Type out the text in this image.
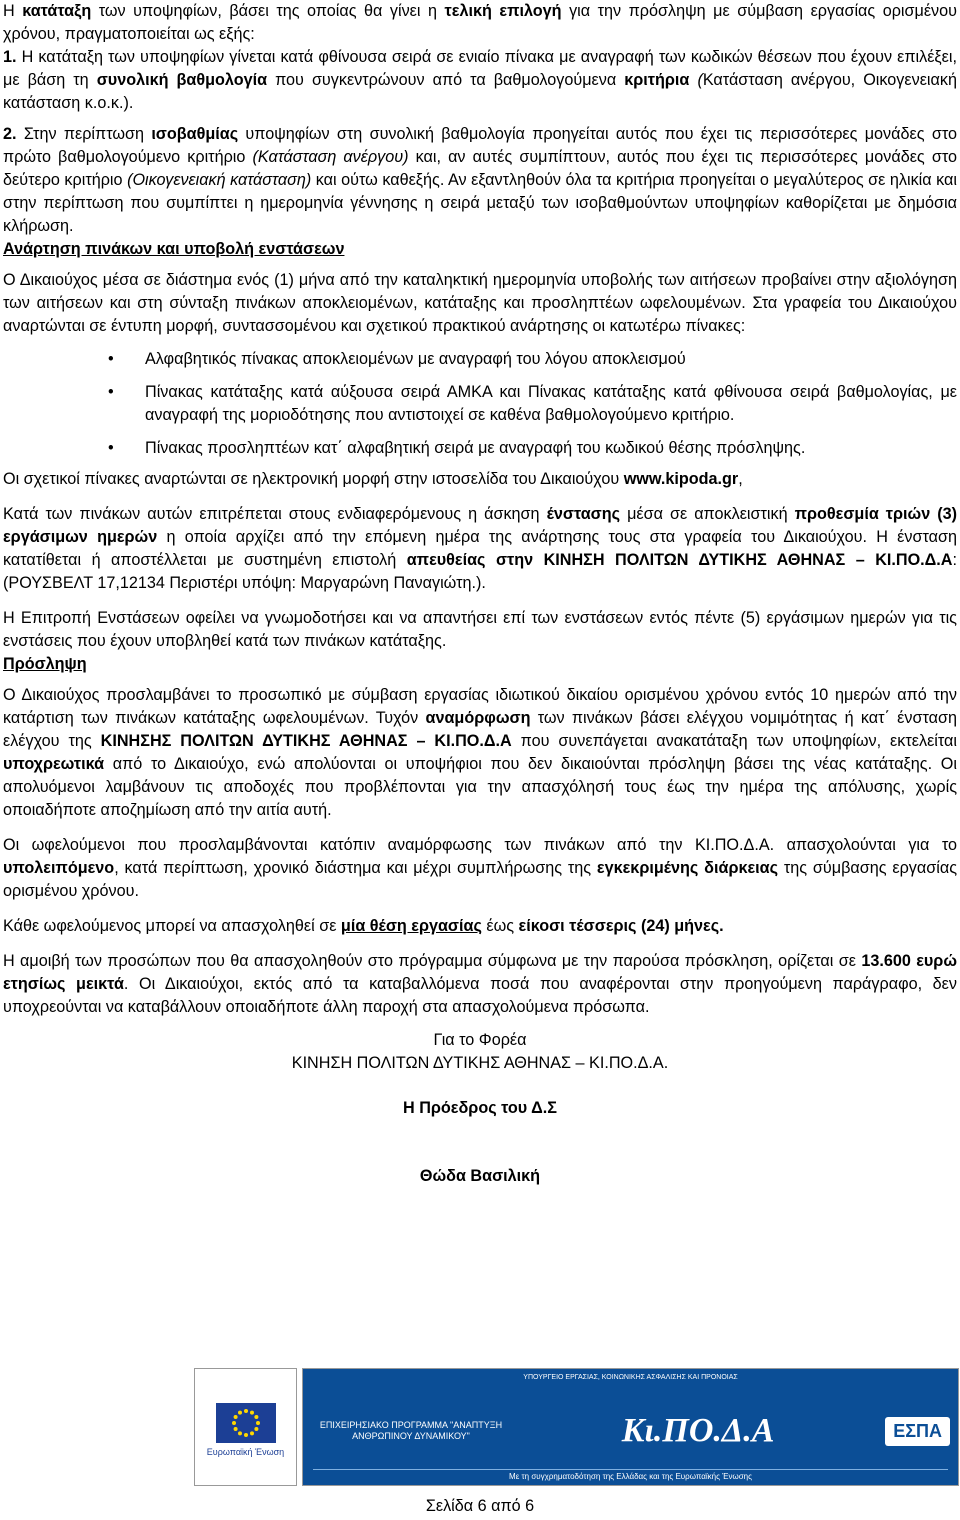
Η κατάταξη των υποψηφίων, βάσει της οποίας θα γίνει η τελική επιλογή για την πρόσληψη με σύμβαση εργασίας ορισμένου χρόνου, πραγματοποιείται ως εξής:

1. Η κατάταξη των υποψηφίων γίνεται κατά φθίνουσα σειρά σε ενιαίο πίνακα με αναγραφή των κωδικών θέσεων που έχουν επιλέξει, με βάση τη συνολική βαθμολογία που συγκεντρώνουν από τα βαθμολογούμενα κριτήρια (Κατάσταση ανέργου, Οικογενειακή κατάσταση κ.ο.κ.).

2. Στην περίπτωση ισοβαθμίας υποψηφίων στη συνολική βαθμολογία προηγείται αυτός που έχει τις περισσότερες μονάδες στο πρώτο βαθμολογούμενο κριτήριο (Κατάσταση ανέργου) και, αν αυτές συμπίπτουν, αυτός που έχει τις περισσότερες μονάδες στο δεύτερο κριτήριο (Οικογενειακή κατάσταση) και ούτω καθεξής. Αν εξαντληθούν όλα τα κριτήρια προηγείται ο μεγαλύτερος σε ηλικία και στην περίπτωση που συμπίπτει η ημερομηνία γέννησης η σειρά μεταξύ των ισοβαθμούντων υποψηφίων καθορίζεται με δημόσια κλήρωση.

Ανάρτηση πινάκων και υποβολή ενστάσεων

Ο Δικαιούχος μέσα σε διάστημα ενός (1) μήνα από την καταληκτική ημερομηνία υποβολής των αιτήσεων προβαίνει στην αξιολόγηση των αιτήσεων και στη σύνταξη πινάκων αποκλειομένων, κατάταξης και προσληπτέων ωφελουμένων. Στα γραφεία του Δικαιούχου αναρτώνται σε έντυπη μορφή, συντασσομένου και σχετικού πρακτικού ανάρτησης οι κατωτέρω πίνακες:

• Αλφαβητικός πίνακας αποκλειομένων με αναγραφή του λόγου αποκλεισμού
• Πίνακας κατάταξης κατά αύξουσα σειρά ΑΜΚΑ και Πίνακας κατάταξης κατά φθίνουσα σειρά βαθμολογίας, με αναγραφή της μοριοδότησης που αντιστοιχεί σε καθένα βαθμολογούμενο κριτήριο.
• Πίνακας προσληπτέων κατ΄ αλφαβητική σειρά με αναγραφή του κωδικού θέσης πρόσληψης.

Οι σχετικοί πίνακες αναρτώνται σε ηλεκτρονική μορφή στην ιστοσελίδα του Δικαιούχου www.kipoda.gr,

Κατά των πινάκων αυτών επιτρέπεται στους ενδιαφερόμενους η άσκηση ένστασης μέσα σε αποκλειστική προθεσμία τριών (3) εργάσιμων ημερών η οποία αρχίζει από την επόμενη ημέρα της ανάρτησης τους στα γραφεία του Δικαιούχου. Η ένσταση κατατίθεται ή αποστέλλεται με συστημένη επιστολή απευθείας στην ΚΙΝΗΣΗ ΠΟΛΙΤΩΝ ΔΥΤΙΚΗΣ ΑΘΗΝΑΣ – ΚΙ.ΠΟ.Δ.Α: (ΡΟΥΣΒΕΛΤ 17,12134 Περιστέρι υπόψη: Μαργαρώνη Παναγιώτη.).

Η Επιτροπή Ενστάσεων οφείλει να γνωμοδοτήσει και να απαντήσει επί των ενστάσεων εντός πέντε (5) εργάσιμων ημερών για τις ενστάσεις που έχουν υποβληθεί κατά των πινάκων κατάταξης.

Πρόσληψη

Ο Δικαιούχος προσλαμβάνει το προσωπικό με σύμβαση εργασίας ιδιωτικού δικαίου ορισμένου χρόνου εντός 10 ημερών από την κατάρτιση των πινάκων κατάταξης ωφελουμένων. Τυχόν αναμόρφωση των πινάκων βάσει ελέγχου νομιμότητας ή κατ΄ ένσταση ελέγχου της ΚΙΝΗΣΗΣ ΠΟΛΙΤΩΝ ΔΥΤΙΚΗΣ ΑΘΗΝΑΣ – ΚΙ.ΠΟ.Δ.Α που συνεπάγεται ανακατάταξη των υποψηφίων, εκτελείται υποχρεωτικά από το Δικαιούχο, ενώ απολύονται οι υποψήφιοι που δεν δικαιούνται πρόσληψη βάσει της νέας κατάταξης. Οι απολυόμενοι λαμβάνουν τις αποδοχές που προβλέπονται για την απασχόλησή τους έως την ημέρα της απόλυσης, χωρίς οποιαδήποτε αποζημίωση από την αιτία αυτή.

Οι ωφελούμενοι που προσλαμβάνονται κατόπιν αναμόρφωσης των πινάκων από την ΚΙ.ΠΟ.Δ.Α. απασχολούνται για το υπολειπόμενο, κατά περίπτωση, χρονικό διάστημα και μέχρι συμπλήρωσης της εγκεκριμένης διάρκειας της σύμβασης εργασίας ορισμένου χρόνου.

Κάθε ωφελούμενος μπορεί να απασχοληθεί σε μία θέση εργασίας έως είκοσι τέσσερις (24) μήνες.

Η αμοιβή των προσώπων που θα απασχοληθούν στο πρόγραμμα σύμφωνα με την παρούσα πρόσκληση, ορίζεται σε 13.600 ευρώ ετησίως μεικτά. Οι Δικαιούχοι, εκτός από τα καταβαλλόμενα ποσά που αναφέρονται στην προηγούμενη παράγραφο, δεν υποχρεούνται να καταβάλλουν οποιαδήποτε άλλη παροχή στα απασχολούμενα πρόσωπα.

Για το Φορέα

ΚΙΝΗΣΗ ΠΟΛΙΤΩΝ ΔΥΤΙΚΗΣ ΑΘΗΝΑΣ – ΚΙ.ΠΟ.Δ.Α.

Η Πρόεδρος του Δ.Σ

Θώδα Βασιλική

Ευρωπαϊκή Ένωση
ΥΠΟΥΡΓΕΙΟ ΕΡΓΑΣΙΑΣ, ΚΟΙΝΩΝΙΚΗΣ ΑΣΦΑΛΙΣΗΣ ΚΑΙ ΠΡΟΝΟΙΑΣ
ΕΠΙΧΕΙΡΗΣΙΑΚΟ ΠΡΟΓΡΑΜΜΑ "ΑΝΑΠΤΥΞΗ ΑΝΘΡΩΠΙΝΟΥ ΔΥΝΑΜΙΚΟΥ"	Κι.ΠΟ.Δ.Α	ΕΣΠΑ
Με τη συγχρηματοδότηση της Ελλάδας και της Ευρωπαϊκής Ένωσης
Σελίδα 6 από 6
